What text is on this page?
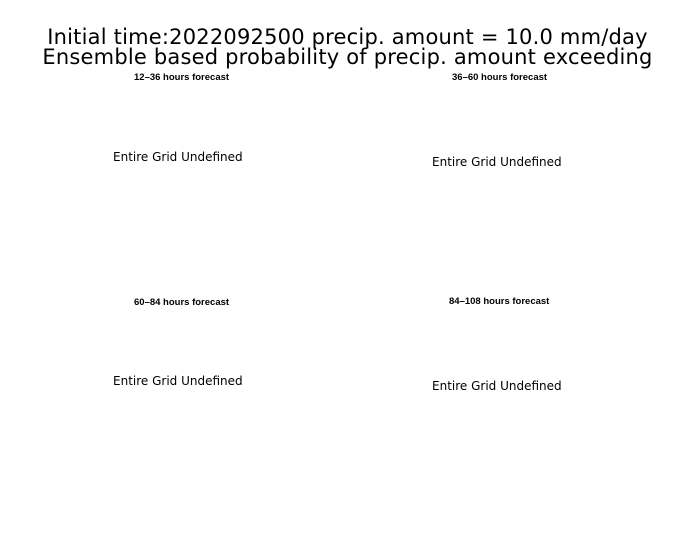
Initial time:2022092500 precip. amount = 10.0 mm/day
Ensemble based probability of precip. amount exceeding
12–36 hours forecast
Entire Grid Undefined
36–60 hours forecast
Entire Grid Undefined
60–84 hours forecast
Entire Grid Undefined
84–108 hours forecast
Entire Grid Undefined
